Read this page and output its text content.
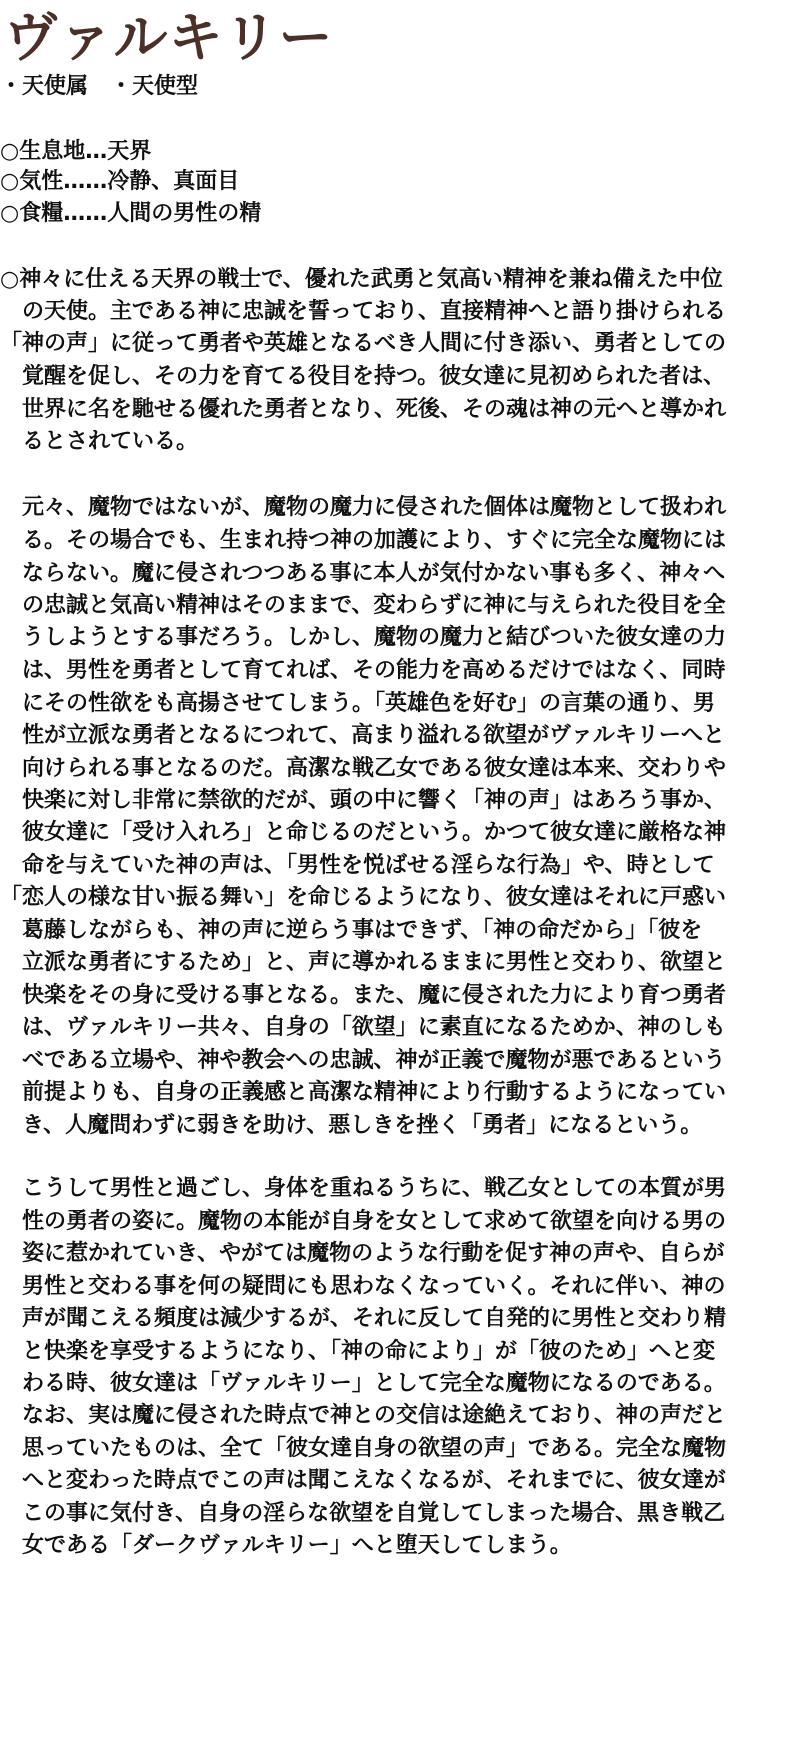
ヴァルキリー

・天使属　・天使型

○生息地…天界

○気性……冷静、真面目

○食糧……人間の男性の精

○神々に仕える天界の戦士で、優れた武勇と気高い精神を兼ね備えた中位

　の天使。主である神に忠誠を誓っており、直接精神へと語り掛けられる

「神の声」に従って勇者や英雄となるべき人間に付き添い、勇者としての

　覚醒を促し、その力を育てる役目を持つ。彼女達に見初められた者は、

　世界に名を馳せる優れた勇者となり、死後、その魂は神の元へと導かれ

　るとされている。

　元々、魔物ではないが、魔物の魔力に侵された個体は魔物として扱われ

　る。その場合でも、生まれ持つ神の加護により、すぐに完全な魔物には

　ならない。魔に侵されつつある事に本人が気付かない事も多く、神々へ

　の忠誠と気高い精神はそのままで、変わらずに神に与えられた役目を全

　うしようとする事だろう。しかし、魔物の魔力と結びついた彼女達の力

　は、男性を勇者として育てれば、その能力を高めるだけではなく、同時

　にその性欲をも高揚させてしまう。「英雄色を好む」の言葉の通り、男

　性が立派な勇者となるにつれて、高まり溢れる欲望がヴァルキリーへと

　向けられる事となるのだ。高潔な戦乙女である彼女達は本来、交わりや

　快楽に対し非常に禁欲的だが、頭の中に響く「神の声」はあろう事か、

　彼女達に「受け入れろ」と命じるのだという。かつて彼女達に厳格な神

　命を与えていた神の声は、「男性を悦ばせる淫らな行為」や、時として

「恋人の様な甘い振る舞い」を命じるようになり、彼女達はそれに戸惑い

　葛藤しながらも、神の声に逆らう事はできず、「神の命だから」「彼を

　立派な勇者にするため」と、声に導かれるままに男性と交わり、欲望と

　快楽をその身に受ける事となる。また、魔に侵された力により育つ勇者

　は、ヴァルキリー共々、自身の「欲望」に素直になるためか、神のしも

　べである立場や、神や教会への忠誠、神が正義で魔物が悪であるという

　前提よりも、自身の正義感と高潔な精神により行動するようになってい

　き、人魔問わずに弱きを助け、悪しきを挫く「勇者」になるという。

　こうして男性と過ごし、身体を重ねるうちに、戦乙女としての本質が男

　性の勇者の姿に。魔物の本能が自身を女として求めて欲望を向ける男の

　姿に惹かれていき、やがては魔物のような行動を促す神の声や、自らが

　男性と交わる事を何の疑問にも思わなくなっていく。それに伴い、神の

　声が聞こえる頻度は減少するが、それに反して自発的に男性と交わり精

　と快楽を享受するようになり、「神の命により」が「彼のため」へと変

　わる時、彼女達は「ヴァルキリー」として完全な魔物になるのである。

　なお、実は魔に侵された時点で神との交信は途絶えており、神の声だと

　思っていたものは、全て「彼女達自身の欲望の声」である。完全な魔物

　へと変わった時点でこの声は聞こえなくなるが、それまでに、彼女達が

　この事に気付き、自身の淫らな欲望を自覚してしまった場合、黒き戦乙

　女である「ダークヴァルキリー」へと堕天してしまう。
